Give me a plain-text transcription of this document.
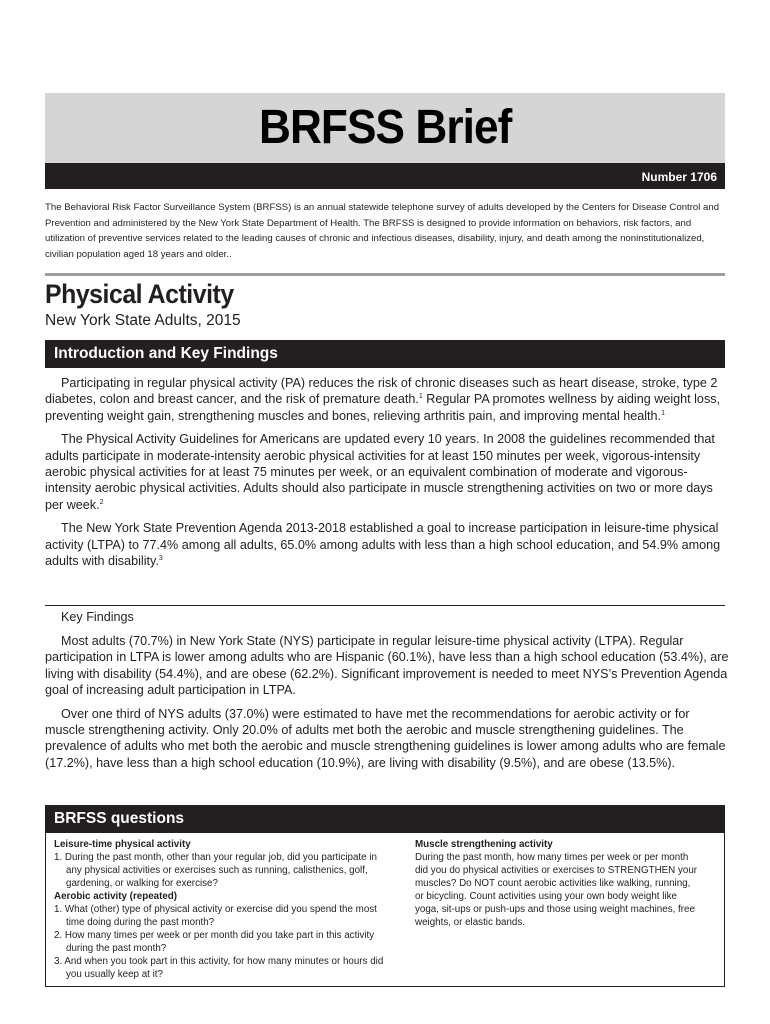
BRFSS Brief
Number 1706
The Behavioral Risk Factor Surveillance System (BRFSS) is an annual statewide telephone survey of adults developed by the Centers for Disease Control and Prevention and administered by the New York State Department of Health. The BRFSS is designed to provide information on behaviors, risk factors, and utilization of preventive services related to the leading causes of chronic and infectious diseases, disability, injury, and death among the noninstitutionalized, civilian population aged 18 years and older..
Physical Activity
New York State Adults, 2015
Introduction and Key Findings

Participating in regular physical activity (PA) reduces the risk of chronic diseases such as heart disease, stroke, type 2 diabetes, colon and breast cancer, and the risk of premature death.$^1$ Regular PA promotes wellness by aiding weight loss, preventing weight gain, strengthening muscles and bones, relieving arthritis pain, and improving mental health.$^1$

The Physical Activity Guidelines for Americans are updated every 10 years. In 2008 the guidelines recommended that adults participate in moderate-intensity aerobic physical activities for at least 150 minutes per week, vigorous-intensity aerobic physical activities for at least 75 minutes per week, or an equivalent combination of moderate and vigorous-intensity aerobic physical activities. Adults should also participate in muscle strengthening activities on two or more days per week.$^2$

The New York State Prevention Agenda 2013-2018 established a goal to increase participation in leisure-time physical activity (LTPA) to 77.4% among all adults, 65.0% among adults with less than a high school education, and 54.9% among adults with disability.$^3$

Key Findings

Most adults (70.7%) in New York State (NYS) participate in regular leisure-time physical activity (LTPA). Regular participation in LTPA is lower among adults who are Hispanic (60.1%), have less than a high school education (53.4%), are living with disability (54.4%), and are obese (62.2%). Significant improvement is needed to meet NYS’s Prevention Agenda goal of increasing adult participation in LTPA.

Over one third of NYS adults (37.0%) were estimated to have met the recommendations for aerobic activity or for muscle strengthening activity. Only 20.0% of adults met both the aerobic and muscle strengthening guidelines. The prevalence of adults who met both the aerobic and muscle strengthening guidelines is lower among adults who are female (17.2%), have less than a high school education (10.9%), are living with disability (9.5%), and are obese (13.5%).

BRFSS questions
Leisure-time physical activity
1. During the past month, other than your regular job, did you participate in any physical activities or exercises such as running, calisthenics, golf, gardening, or walking for exercise?
Aerobic activity (repeated)
1. What (other) type of physical activity or exercise did you spend the most time doing during the past month?
2. How many times per week or per month did you take part in this activity during the past month?
3. And when you took part in this activity, for how many minutes or hours did you usually keep at it?
Muscle strengthening activity
During the past month, how many times per week or per month did you do physical activities or exercises to STRENGTHEN your muscles? Do NOT count aerobic activities like walking, running, or bicycling. Count activities using your own body weight like yoga, sit-ups or push-ups and those using weight machines, free weights, or elastic bands.
